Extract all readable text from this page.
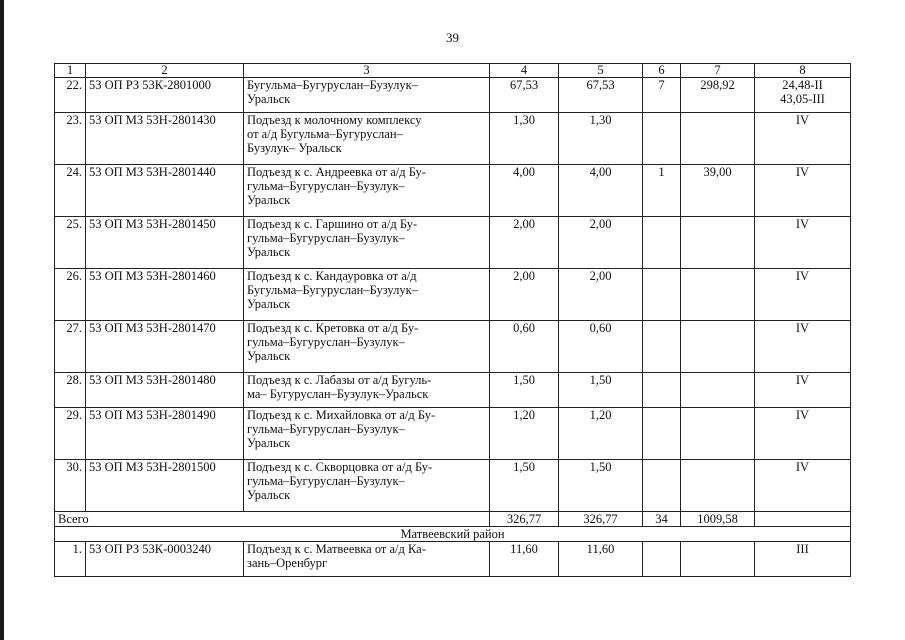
39
1	2	3	4	5	6	7	8
22.	53 ОП РЗ 53К-2801000	Бугульма–Бугуруслан–Бузулук–
Уральск	67,53	67,53	7	298,92	24,48-II
43,05-III
23.	53 ОП МЗ 53Н-2801430	Подъезд к молочному комплексу
от а/д Бугульма–Бугуруслан–
Бузулук– Уральск	1,30	1,30			IV
24.	53 ОП МЗ 53Н-2801440	Подъезд к с. Андреевка от а/д Бу-
гульма–Бугуруслан–Бузулук–
Уральск	4,00	4,00	1	39,00	IV
25.	53 ОП МЗ 53Н-2801450	Подъезд к с. Гаршино от а/д Бу-
гульма–Бугуруслан–Бузулук–
Уральск	2,00	2,00			IV
26.	53 ОП МЗ 53Н-2801460	Подъезд к с. Кандауровка от а/д
Бугульма–Бугуруслан–Бузулук–
Уральск	2,00	2,00			IV
27.	53 ОП МЗ 53Н-2801470	Подъезд к с. Кретовка от а/д Бу-
гульма–Бугуруслан–Бузулук–
Уральск	0,60	0,60			IV
28.	53 ОП МЗ 53Н-2801480	Подъезд к с. Лабазы от а/д Бугуль-
ма– Бугуруслан–Бузулук–Уральск	1,50	1,50			IV
29.	53 ОП МЗ 53Н-2801490	Подъезд к с. Михайловка от а/д Бу-
гульма–Бугуруслан–Бузулук–
Уральск	1,20	1,20			IV
30.	53 ОП МЗ 53Н-2801500	Подъезд к с. Скворцовка от а/д Бу-
гульма–Бугуруслан–Бузулук–
Уральск	1,50	1,50			IV
Всего			326,77	326,77	34	1009,58	
Матвеевский район							
1.	53 ОП РЗ 53К-0003240	Подъезд к с. Матвеевка от а/д Ка-
зань–Оренбург	11,60	11,60			III
